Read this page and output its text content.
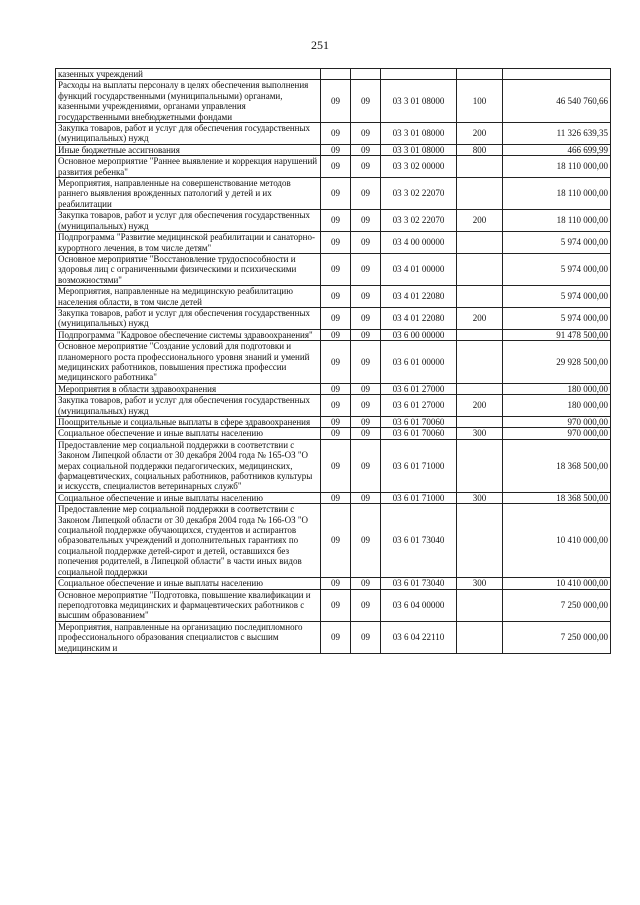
251
казенных учреждений					
Расходы на выплаты персоналу в целях обеспечения выполнения функций государственными (муниципальными) органами, казенными учреждениями, органами управления государственными внебюджетными фондами	09	09	03 3 01 08000	100	46 540 760,66
Закупка товаров, работ и услуг для обеспечения государственных (муниципальных) нужд	09	09	03 3 01 08000	200	11 326 639,35
Иные бюджетные ассигнования	09	09	03 3 01 08000	800	466 699,99
Основное мероприятие "Раннее выявление и коррекция нарушений развития ребенка"	09	09	03 3 02 00000		18 110 000,00
Мероприятия, направленные на совершенствование методов раннего выявления врожденных патологий у детей и их реабилитации	09	09	03 3 02 22070		18 110 000,00
Закупка товаров, работ и услуг для обеспечения государственных (муниципальных) нужд	09	09	03 3 02 22070	200	18 110 000,00
Подпрограмма "Развитие медицинской реабилитации и санаторно-курортного лечения, в том числе детям"	09	09	03 4 00 00000		5 974 000,00
Основное мероприятие "Восстановление трудоспособности и здоровья лиц с ограниченными физическими и психическими возможностями"	09	09	03 4 01 00000		5 974 000,00
Мероприятия, направленные на медицинскую реабилитацию населения области, в том числе детей	09	09	03 4 01 22080		5 974 000,00
Закупка товаров, работ и услуг для обеспечения государственных (муниципальных) нужд	09	09	03 4 01 22080	200	5 974 000,00
Подпрограмма "Кадровое обеспечение системы здравоохранения"	09	09	03 6 00 00000		91 478 500,00
Основное мероприятие "Создание условий для подготовки и планомерного роста профессионального уровня знаний и умений медицинских работников, повышения престижа профессии медицинского работника"	09	09	03 6 01 00000		29 928 500,00
Мероприятия в области здравоохранения	09	09	03 6 01 27000		180 000,00
Закупка товаров, работ и услуг для обеспечения государственных (муниципальных) нужд	09	09	03 6 01 27000	200	180 000,00
Поощрительные и социальные выплаты в сфере здравоохранения	09	09	03 6 01 70060		970 000,00
Социальное обеспечение и иные выплаты населению	09	09	03 6 01 70060	300	970 000,00
Предоставление мер социальной поддержки в соответствии с Законом Липецкой области от 30 декабря 2004 года № 165-ОЗ "О мерах социальной поддержки педагогических, медицинских, фармацевтических, социальных работников, работников культуры и искусств, специалистов ветеринарных служб"	09	09	03 6 01 71000		18 368 500,00
Социальное обеспечение и иные выплаты населению	09	09	03 6 01 71000	300	18 368 500,00
Предоставление мер социальной поддержки в соответствии с Законом Липецкой области от 30 декабря 2004 года № 166-ОЗ "О социальной поддержке обучающихся, студентов и аспирантов образовательных учреждений и дополнительных гарантиях по социальной поддержке детей-сирот и детей, оставшихся без попечения родителей, в Липецкой области" в части иных видов социальной поддержки	09	09	03 6 01 73040		10 410 000,00
Социальное обеспечение и иные выплаты населению	09	09	03 6 01 73040	300	10 410 000,00
Основное мероприятие "Подготовка, повышение квалификации и переподготовка медицинских и фармацевтических работников с высшим образованием"	09	09	03 6 04 00000		7 250 000,00
Мероприятия, направленные на организацию последипломного профессионального образования специалистов с высшим медицинским и	09	09	03 6 04 22110		7 250 000,00
